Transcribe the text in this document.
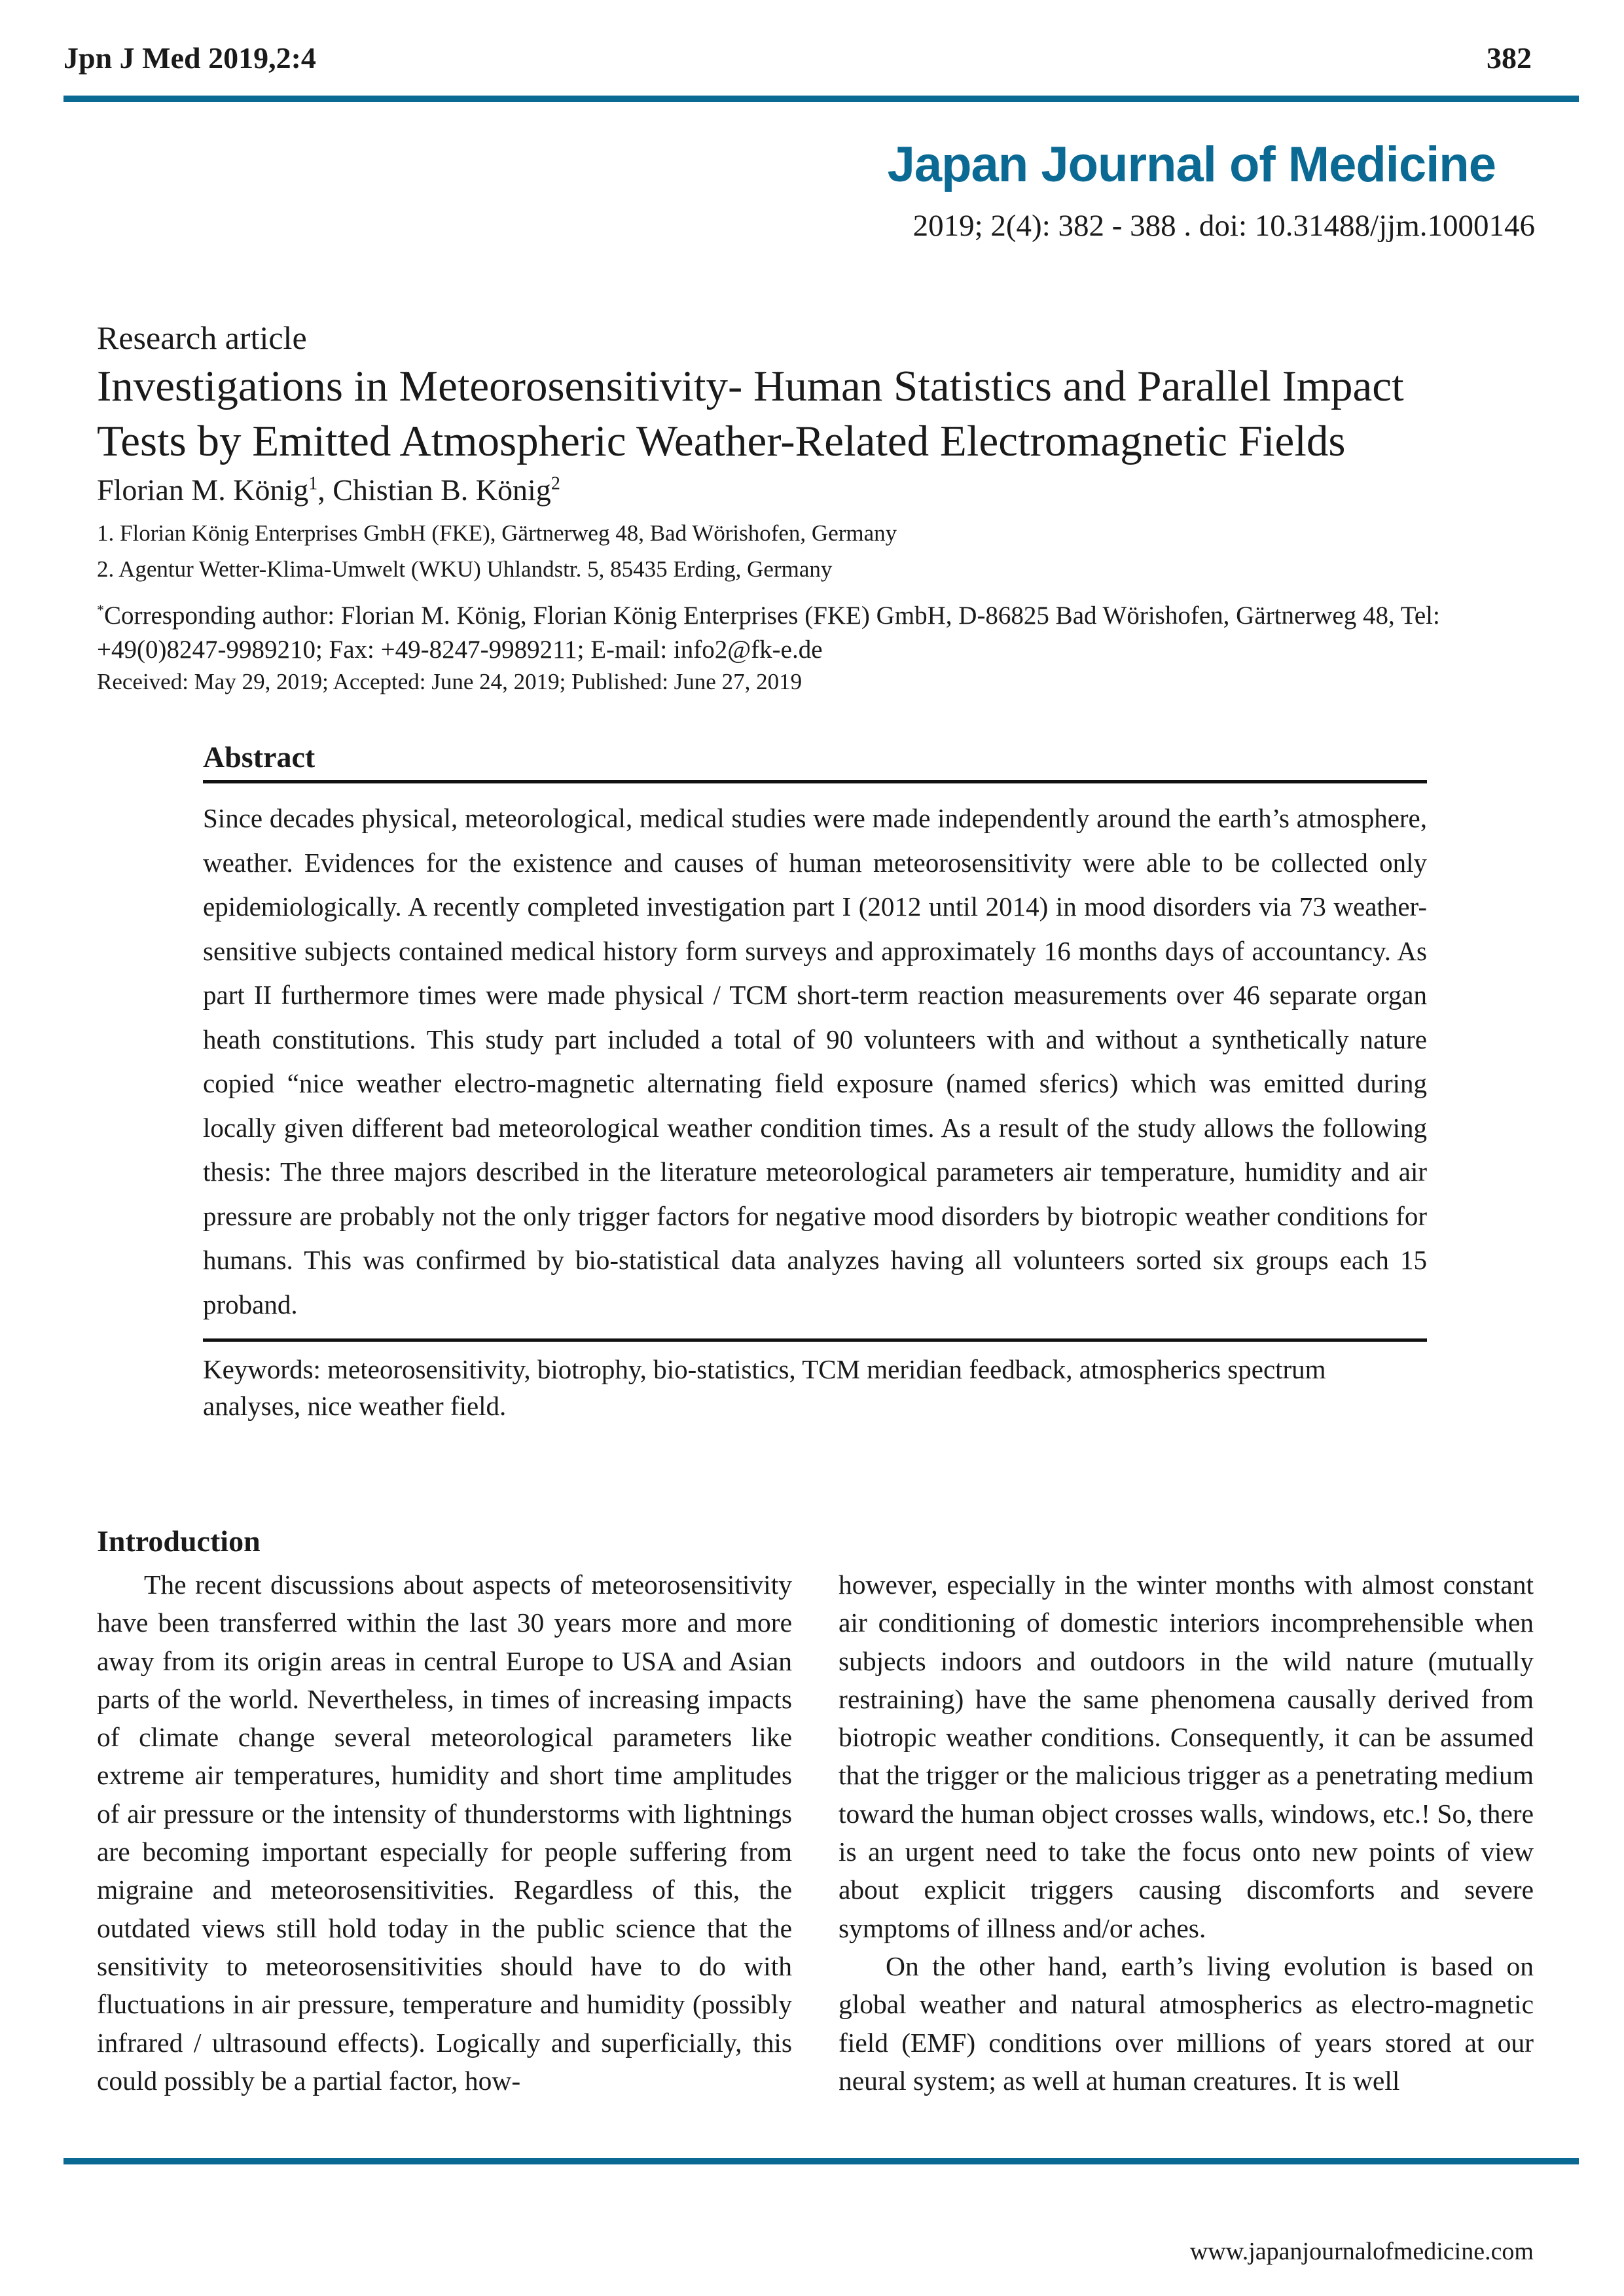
Jpn J Med 2019,2:4	382
Japan Journal of Medicine
2019; 2(4): 382 - 388 . doi: 10.31488/jjm.1000146
Research article
Investigations in Meteorosensitivity- Human Statistics and Parallel Impact
Tests by Emitted Atmospheric Weather-Related Electromagnetic Fields
Florian M. König$^1$, Chistian B. König$^2$
1. Florian König Enterprises GmbH (FKE), Gärtnerweg 48, Bad Wörishofen, Germany
2. Agentur Wetter-Klima-Umwelt (WKU) Uhlandstr. 5, 85435 Erding, Germany
*Corresponding author: Florian M. König, Florian König Enterprises (FKE) GmbH, D-86825 Bad Wörishofen, Gärtnerweg 48, Tel: +49(0)8247-9989210; Fax: +49-8247-9989211; E-mail: info2@fk-e.de
Received: May 29, 2019; Accepted: June 24, 2019; Published: June 27, 2019
Abstract

Since decades physical, meteorological, medical studies were made independently around the earth’s atmosphere, weather. Evidences for the existence and causes of human meteorosensitivity were able to be collected only epidemiologically. A recently completed investigation part I (2012 until 2014) in mood disorders via 73 weather-sensitive subjects contained medical history form surveys and approximately 16 months days of accountancy. As part II furthermore times were made physical / TCM short-term reaction measurements over 46 separate organ heath constitutions. This study part included a total of 90 volunteers with and without a synthetically nature copied “nice weather electro-magnetic alternating field exposure (named sferics) which was emitted during locally given different bad meteorological weather condition times. As a result of the study allows the following thesis: The three majors described in the literature meteorological parameters air temperature, humidity and air pressure are probably not the only trigger factors for negative mood disorders by biotropic weather conditions for humans. This was confirmed by bio-statistical data analyzes having all volunteers sorted six groups each 15 proband.

Keywords: meteorosensitivity, biotrophy, bio-statistics, TCM meridian feedback, atmospherics spectrum analyses, nice weather field.
Introduction

The recent discussions about aspects of meteorosensitivity have been transferred within the last 30 years more and more away from its origin areas in central Europe to USA and Asian parts of the world. Nevertheless, in times of increasing impacts of climate change several meteorological parameters like extreme air temperatures, humidity and short time amplitudes of air pressure or the intensity of thunderstorms with lightnings are becoming important especially for people suffering from migraine and meteorosensitivities. Regardless of this, the outdated views still hold today in the public science that the sensitivity to meteorosensitivities should have to do with fluctuations in air pressure, temperature and humidity (possibly infrared / ultrasound effects). Logically and superficially, this could possibly be a partial factor, how-

however, especially in the winter months with almost constant air conditioning of domestic interiors incomprehensible when subjects indoors and outdoors in the wild nature (mutually restraining) have the same phenomena causally derived from biotropic weather conditions. Consequently, it can be assumed that the trigger or the malicious trigger as a penetrating medium toward the human object crosses walls, windows, etc.! So, there is an urgent need to take the focus onto new points of view about explicit triggers causing discomforts and severe symptoms of illness and/or aches.

On the other hand, earth’s living evolution is based on global weather and natural atmospherics as electro-magnetic field (EMF) conditions over millions of years stored at our neural system; as well at human creatures. It is well

www.japanjournalofmedicine.com
